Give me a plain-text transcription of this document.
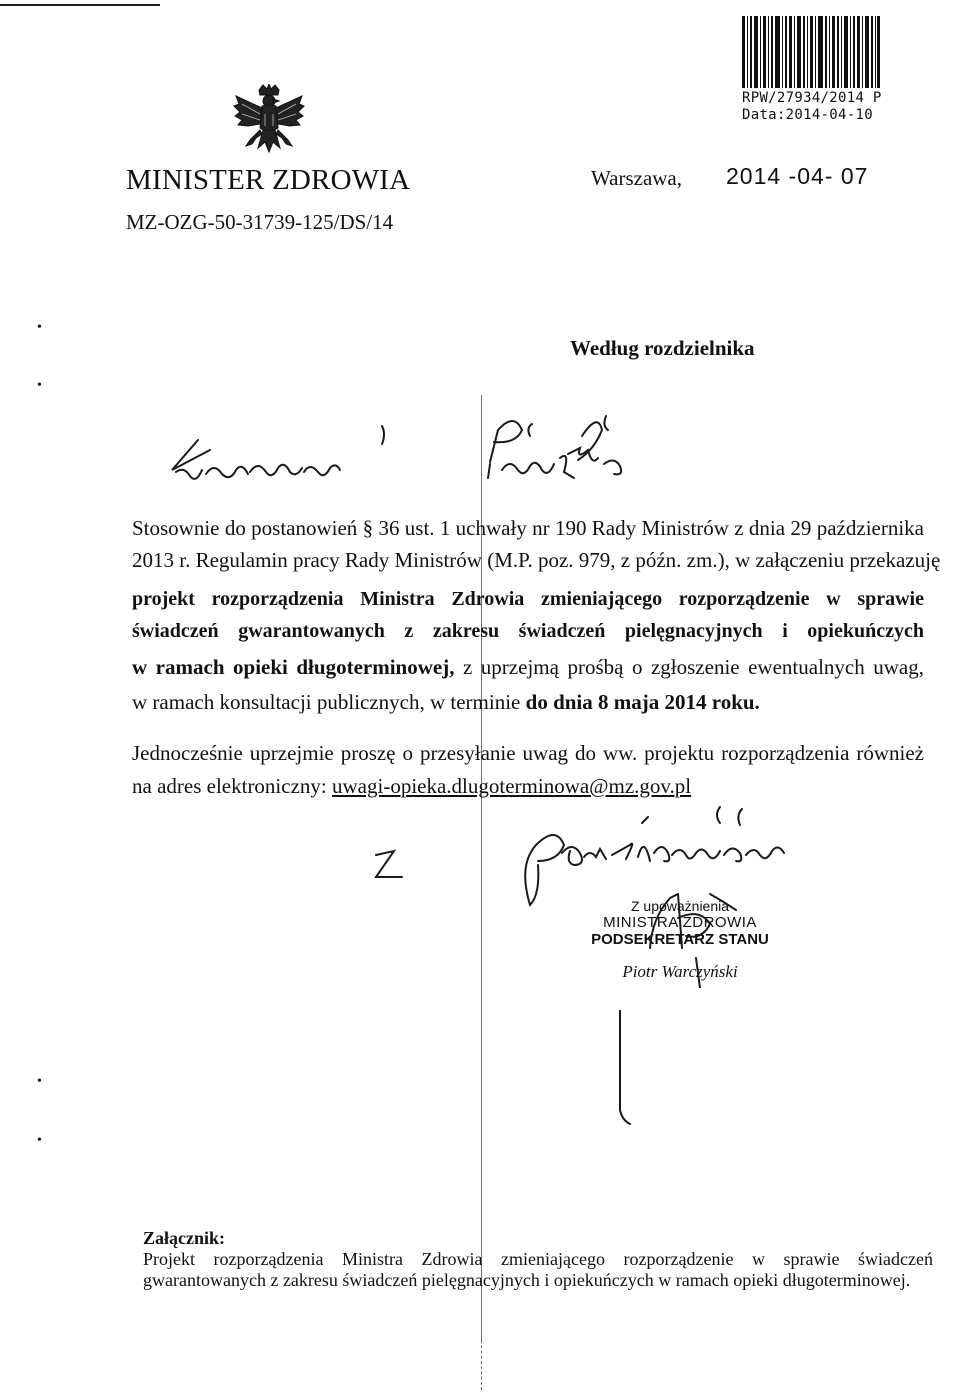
RPW/27934/2014 P
Data:2014-04-10
MINISTER ZDROWIA
MZ-OZG-50-31739-125/DS/14
Warszawa, 2014 -04- 07
•
•
Według rozdzielnika
Stosownie do postanowień § 36 ust. 1 uchwały nr 190 Rady Ministrów z dnia 29 października
2013 r. Regulamin pracy Rady Ministrów (M.P. poz. 979, z późn. zm.), w załączeniu przekazuję
projekt rozporządzenia Ministra Zdrowia zmieniającego rozporządzenie w sprawie
świadczeń gwarantowanych z zakresu świadczeń pielęgnacyjnych i opiekuńczych
w ramach opieki długoterminowej, z uprzejmą prośbą o zgłoszenie ewentualnych uwag,
w ramach konsultacji publicznych, w terminie do dnia 8 maja 2014 roku.
Jednocześnie uprzejmie proszę o przesyłanie uwag do ww. projektu rozporządzenia również
na adres elektroniczny: uwagi-opieka.dlugoterminowa@mz.gov.pl
Z upoważnienia
MINISTRA ZDROWIA
PODSEKRETARZ STANU
Piotr Warczyński
•
•
Załącznik:
Projekt rozporządzenia Ministra Zdrowia zmieniającego rozporządzenie w sprawie świadczeń
gwarantowanych z zakresu świadczeń pielęgnacyjnych i opiekuńczych w ramach opieki długoterminowej.
